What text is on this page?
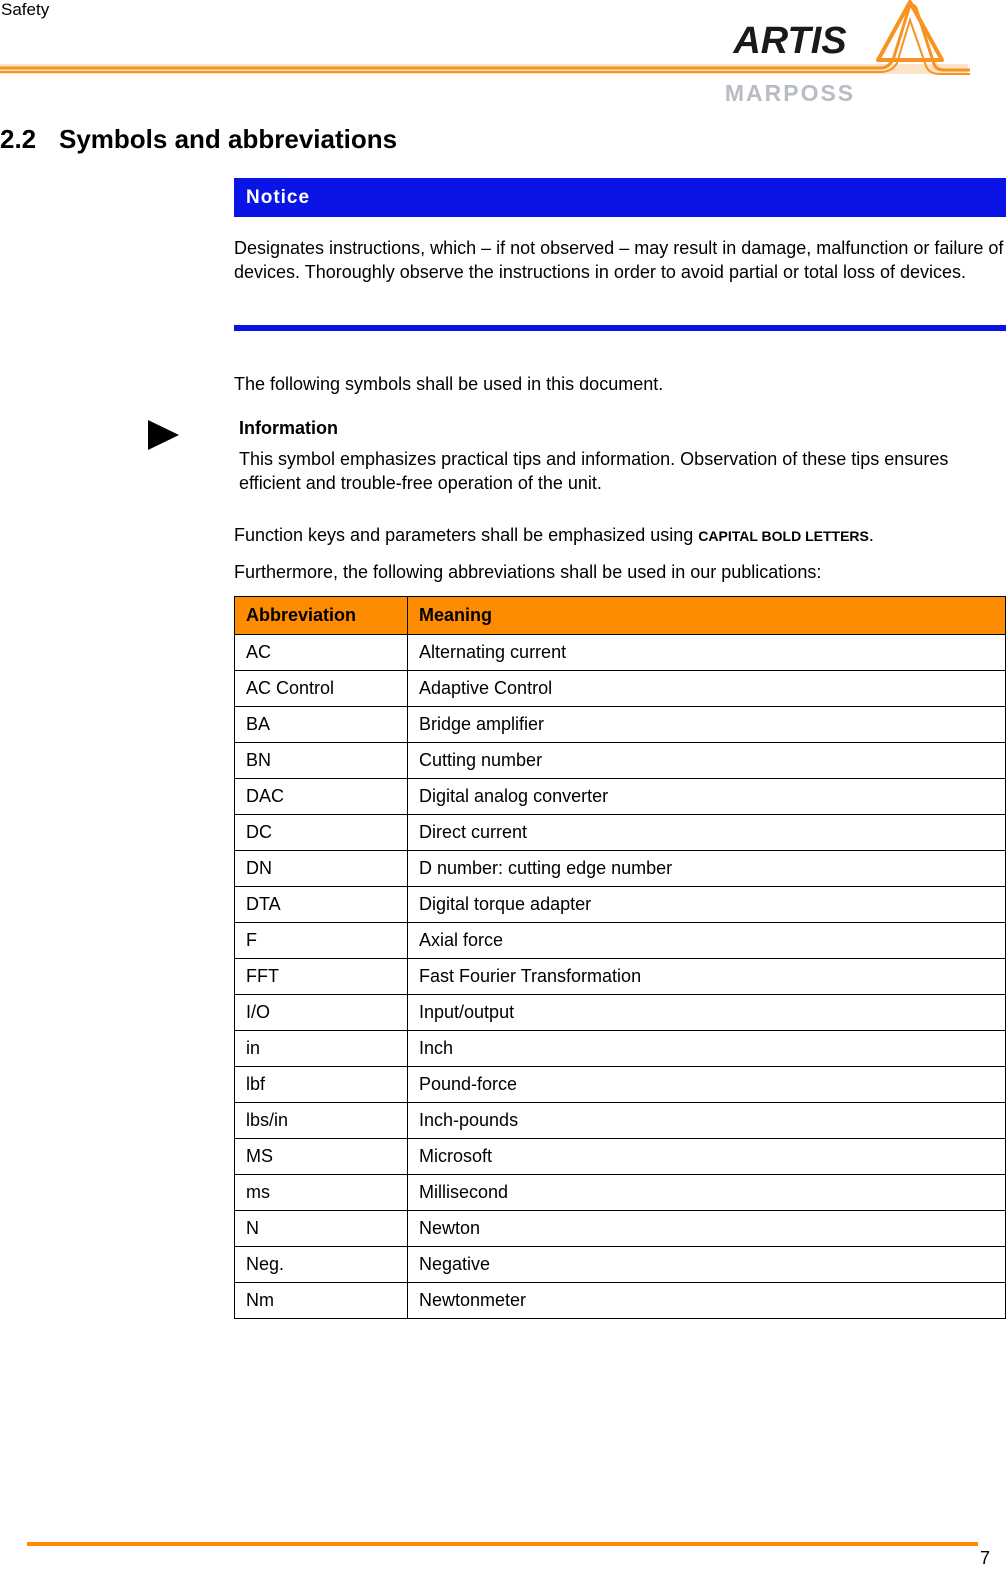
Safety
ARTIS
MARPOSS
2.2 Symbols and abbreviations
Notice
Designates instructions, which – if not observed – may result in damage, malfunction or failure of devices. Thoroughly observe the instructions in order to avoid partial or total loss of devices.
The following symbols shall be used in this document.
Information
This symbol emphasizes practical tips and information. Observation of these tips ensures efficient and trouble-free operation of the unit.
Function keys and parameters shall be emphasized using CAPITAL BOLD LETTERS.
Furthermore, the following abbreviations shall be used in our publications:
Abbreviation	Meaning
AC	Alternating current
AC Control	Adaptive Control
BA	Bridge amplifier
BN	Cutting number
DAC	Digital analog converter
DC	Direct current
DN	D number: cutting edge number
DTA	Digital torque adapter
F	Axial force
FFT	Fast Fourier Transformation
I/O	Input/output
in	Inch
lbf	Pound-force
lbs/in	Inch-pounds
MS	Microsoft
ms	Millisecond
N	Newton
Neg.	Negative
Nm	Newtonmeter
7
